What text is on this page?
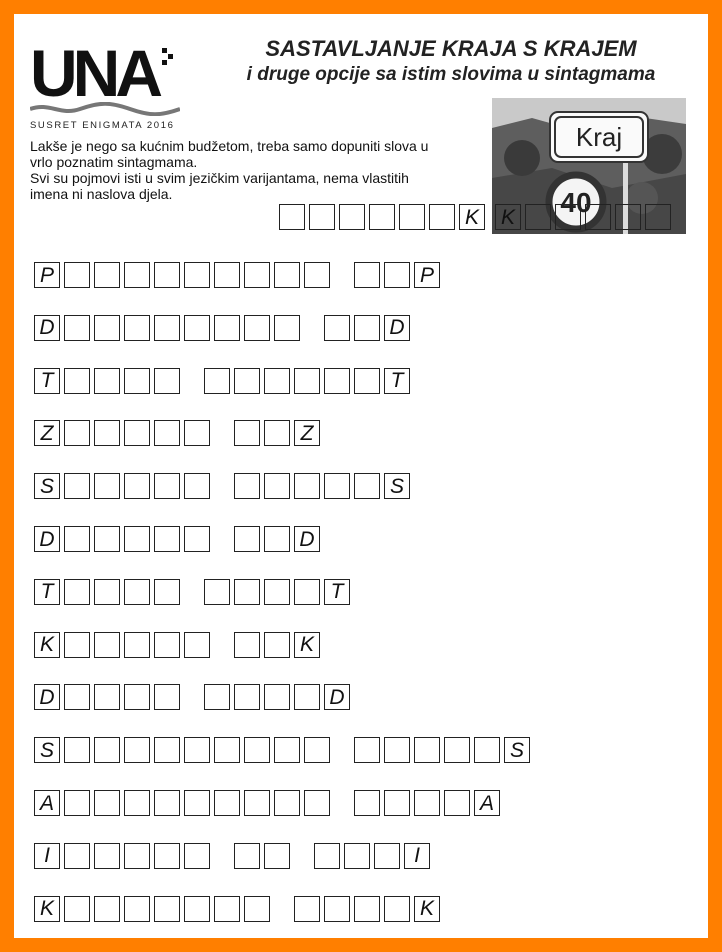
UNA
SUSRET ENIGMATA 2016
SASTAVLJANJE KRAJA S KRAJEM
i druge opcije sa istim slovima u sintagmama
Lakše je nego sa kućnim budžetom, treba samo dopuniti slova u
vrlo poznatim sintagmama.
Svi su pojmovi isti u svim jezičkim varijantama, nema vlastitih
imena ni naslova djela.
Kraj
40
K K
P	P
D	D
T	T
Z	Z
S	S
D	D
T	T
K	K
D	D
S	S
A	A
I	I
K	K
